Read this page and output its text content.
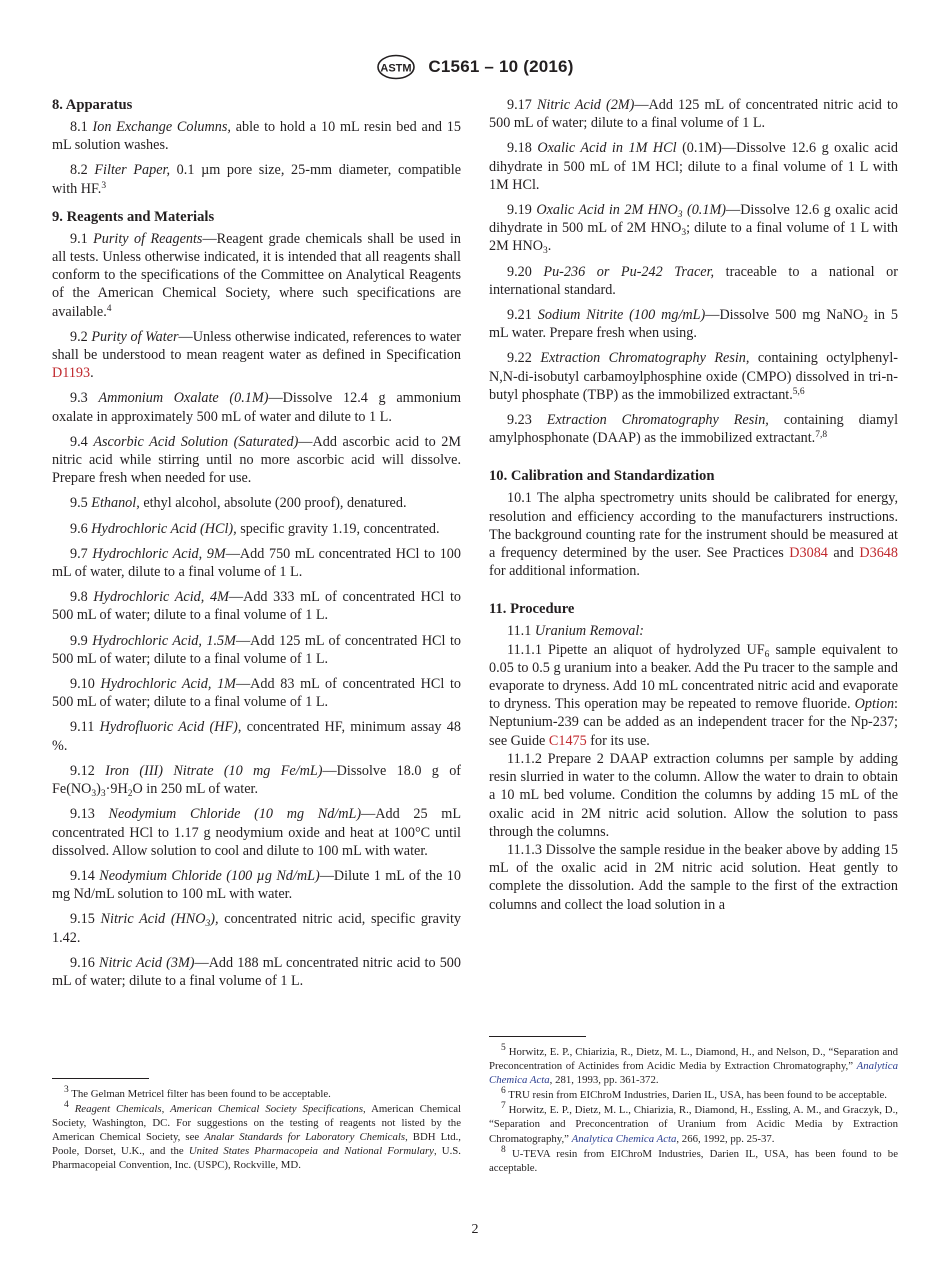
ASTM C1561 – 10 (2016)
8. Apparatus

8.1 Ion Exchange Columns, able to hold a 10 mL resin bed and 15 mL solution washes.

8.2 Filter Paper, 0.1 µm pore size, 25-mm diameter, compatible with HF.$^3$

9. Reagents and Materials

9.1 Purity of Reagents—Reagent grade chemicals shall be used in all tests. Unless otherwise indicated, it is intended that all reagents shall conform to the specifications of the Committee on Analytical Reagents of the American Chemical Society, where such specifications are available.$^4$

9.2 Purity of Water—Unless otherwise indicated, references to water shall be understood to mean reagent water as defined in Specification D1193.

9.3 Ammonium Oxalate (0.1M)—Dissolve 12.4 g ammonium oxalate in approximately 500 mL of water and dilute to 1 L.

9.4 Ascorbic Acid Solution (Saturated)—Add ascorbic acid to 2M nitric acid while stirring until no more ascorbic acid will dissolve. Prepare fresh when needed for use.

9.5 Ethanol, ethyl alcohol, absolute (200 proof), denatured.

9.6 Hydrochloric Acid (HCl), specific gravity 1.19, concentrated.

9.7 Hydrochloric Acid, 9M—Add 750 mL concentrated HCl to 100 mL of water, dilute to a final volume of 1 L.

9.8 Hydrochloric Acid, 4M—Add 333 mL of concentrated HCl to 500 mL of water; dilute to a final volume of 1 L.

9.9 Hydrochloric Acid, 1.5M—Add 125 mL of concentrated HCl to 500 mL of water; dilute to a final volume of 1 L.

9.10 Hydrochloric Acid, 1M—Add 83 mL of concentrated HCl to 500 mL of water; dilute to a final volume of 1 L.

9.11 Hydrofluoric Acid (HF), concentrated HF, minimum assay 48 %.

9.12 Iron (III) Nitrate (10 mg Fe/mL)—Dissolve 18.0 g of $Fe(NO_3)_3\cdot 9H_2O$ in 250 mL of water.

9.13 Neodymium Chloride (10 mg Nd/mL)—Add 25 mL concentrated HCl to 1.17 g neodymium oxide and heat at 100°C until dissolved. Allow solution to cool and dilute to 100 mL with water.

9.14 Neodymium Chloride (100 µg Nd/mL)—Dilute 1 mL of the 10 mg Nd/mL solution to 100 mL with water.

9.15 Nitric Acid $(HNO_3)$, concentrated nitric acid, specific gravity 1.42.

9.16 Nitric Acid (3M)—Add 188 mL concentrated nitric acid to 500 mL of water; dilute to a final volume of 1 L.

$^3$ The Gelman Metricel filter has been found to be acceptable.

$^4$ Reagent Chemicals, American Chemical Society Specifications, American Chemical Society, Washington, DC. For suggestions on the testing of reagents not listed by the American Chemical Society, see Analar Standards for Laboratory Chemicals, BDH Ltd., Poole, Dorset, U.K., and the United States Pharmacopeia and National Formulary, U.S. Pharmacopeial Convention, Inc. (USPC), Rockville, MD.

9.17 Nitric Acid (2M)—Add 125 mL of concentrated nitric acid to 500 mL of water; dilute to a final volume of 1 L.

9.18 Oxalic Acid in 1M HCl (0.1M)—Dissolve 12.6 g oxalic acid dihydrate in 500 mL of 1M HCl; dilute to a final volume of 1 L with 1M HCl.

9.19 Oxalic Acid in 2M $HNO_3$ (0.1M)—Dissolve 12.6 g oxalic acid dihydrate in 500 mL of 2M $HNO_3$; dilute to a final volume of 1 L with 2M $HNO_3$.

9.20 Pu-236 or Pu-242 Tracer, traceable to a national or international standard.

9.21 Sodium Nitrite (100 mg/mL)—Dissolve 500 mg NaNO$_2$ in 5 mL water. Prepare fresh when using.

9.22 Extraction Chromatography Resin, containing octylphenyl-N,N-di-isobutyl carbamoylphosphine oxide (CMPO) dissolved in tri-n-butyl phosphate (TBP) as the immobilized extractant.$^{5,6}$

9.23 Extraction Chromatography Resin, containing diamyl amylphosphonate (DAAP) as the immobilized extractant.$^{7,8}$

10. Calibration and Standardization

10.1 The alpha spectrometry units should be calibrated for energy, resolution and efficiency according to the manufacturers instructions. The background counting rate for the instrument should be measured at a frequency determined by the user. See Practices D3084 and D3648 for additional information.

11. Procedure

11.1 Uranium Removal:

11.1.1 Pipette an aliquot of hydrolyzed $UF_6$ sample equivalent to 0.05 to 0.5 g uranium into a beaker. Add the Pu tracer to the sample and evaporate to dryness. Add 10 mL concentrated nitric acid and evaporate to dryness. This operation may be repeated to remove fluoride. Option: Neptunium-239 can be added as an independent tracer for the Np-237; see Guide C1475 for its use.

11.1.2 Prepare 2 DAAP extraction columns per sample by adding resin slurried in water to the column. Allow the water to drain to obtain a 10 mL bed volume. Condition the columns by adding 15 mL of the oxalic acid in 2M nitric acid solution. Allow the solution to pass through the columns.

11.1.3 Dissolve the sample residue in the beaker above by adding 15 mL of the oxalic acid in 2M nitric acid solution. Heat gently to complete the dissolution. Add the sample to the first of the extraction columns and collect the load solution in a

$^5$ Horwitz, E. P., Chiarizia, R., Dietz, M. L., Diamond, H., and Nelson, D., “Separation and Preconcentration of Actinides from Acidic Media by Extraction Chromatography,” Analytica Chemica Acta, 281, 1993, pp. 361-372.

$^6$ TRU resin from EIChroM Industries, Darien IL, USA, has been found to be acceptable.

$^7$ Horwitz, E. P., Dietz, M. L., Chiarizia, R., Diamond, H., Essling, A. M., and Graczyk, D., “Separation and Preconcentration of Uranium from Acidic Media by Extraction Chromatography,” Analytica Chemica Acta, 266, 1992, pp. 25-37.

$^8$ U-TEVA resin from EIChroM Industries, Darien IL, USA, has been found to be acceptable.

2
